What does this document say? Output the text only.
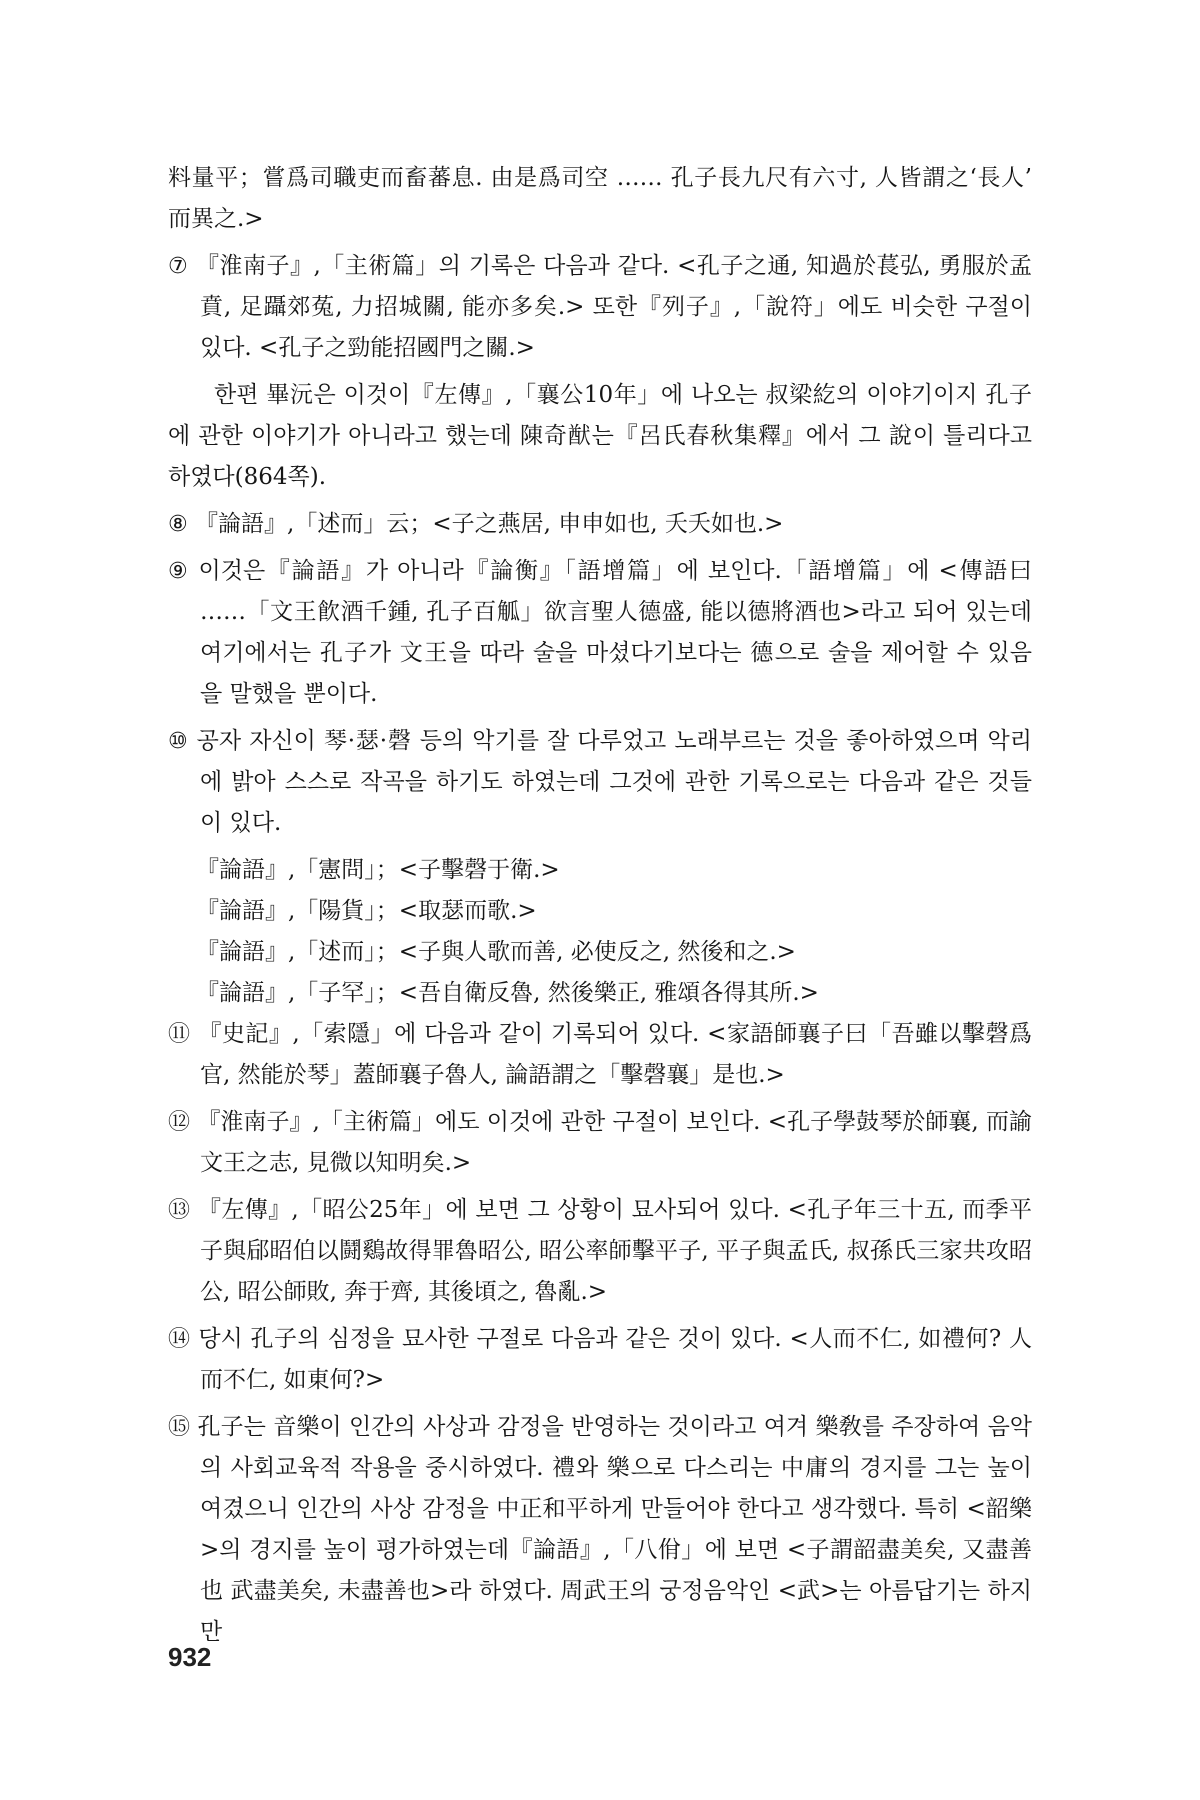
料量平；嘗爲司職吏而畜蕃息. 由是爲司空 …… 孔子長九尺有六寸, 人皆謂之‘長人’ 而異之.>

⑦ 『淮南子』,「主術篇」의 기록은 다음과 같다. <孔子之通, 知過於萇弘, 勇服於孟賁, 足躡郊菟, 力招城關, 能亦多矣.> 또한『列子』,「說符」에도 비슷한 구절이 있다. <孔子之勁能招國門之關.>

한편 畢沅은 이것이『左傳』,「襄公10年」에 나오는 叔梁紇의 이야기이지 孔子에 관한 이야기가 아니라고 했는데 陳奇猷는『呂氏春秋集釋』에서 그 說이 틀리다고 하였다(864쪽).

⑧ 『論語』,「述而」云；<子之燕居, 申申如也, 夭夭如也.>

⑨ 이것은『論語』가 아니라『論衡』「語增篇」에 보인다.「語增篇」에 <傳語曰 ……「文王飮酒千鍾, 孔子百觚」欲言聖人德盛, 能以德將酒也>라고 되어 있는데 여기에서는 孔子가 文王을 따라 술을 마셨다기보다는 德으로 술을 제어할 수 있음을 말했을 뿐이다.

⑩ 공자 자신이 琴·瑟·磬 등의 악기를 잘 다루었고 노래부르는 것을 좋아하였으며 악리에 밝아 스스로 작곡을 하기도 하였는데 그것에 관한 기록으로는 다음과 같은 것들이 있다.

『論語』,「憲問」；<子擊磬于衛.>

『論語』,「陽貨」；<取瑟而歌.>

『論語』,「述而」；<子與人歌而善, 必使反之, 然後和之.>

『論語』,「子罕」；<吾自衛反魯, 然後樂正, 雅頌各得其所.>

⑪ 『史記』,「索隱」에 다음과 같이 기록되어 있다. <家語師襄子曰「吾雖以擊磬爲官, 然能於琴」蓋師襄子魯人, 論語謂之「擊磬襄」是也.>

⑫ 『淮南子』,「主術篇」에도 이것에 관한 구절이 보인다. <孔子學鼓琴於師襄, 而諭文王之志, 見微以知明矣.>

⑬ 『左傳』,「昭公25年」에 보면 그 상황이 묘사되어 있다. <孔子年三十五, 而季平子與郈昭伯以鬪鷄故得罪魯昭公, 昭公率師擊平子, 平子與孟氏, 叔孫氏三家共攻昭公, 昭公師敗, 奔于齊, 其後頃之, 魯亂.>

⑭ 당시 孔子의 심정을 묘사한 구절로 다음과 같은 것이 있다. <人而不仁, 如禮何? 人而不仁, 如東何?>

⑮ 孔子는 音樂이 인간의 사상과 감정을 반영하는 것이라고 여겨 樂敎를 주장하여 음악의 사회교육적 작용을 중시하였다. 禮와 樂으로 다스리는 中庸의 경지를 그는 높이 여겼으니 인간의 사상 감정을 中正和平하게 만들어야 한다고 생각했다. 특히 <韶樂>의 경지를 높이 평가하였는데『論語』,「八佾」에 보면 <子謂韶盡美矣, 又盡善也 武盡美矣, 未盡善也>라 하였다. 周武王의 궁정음악인 <武>는 아름답기는 하지만

932
